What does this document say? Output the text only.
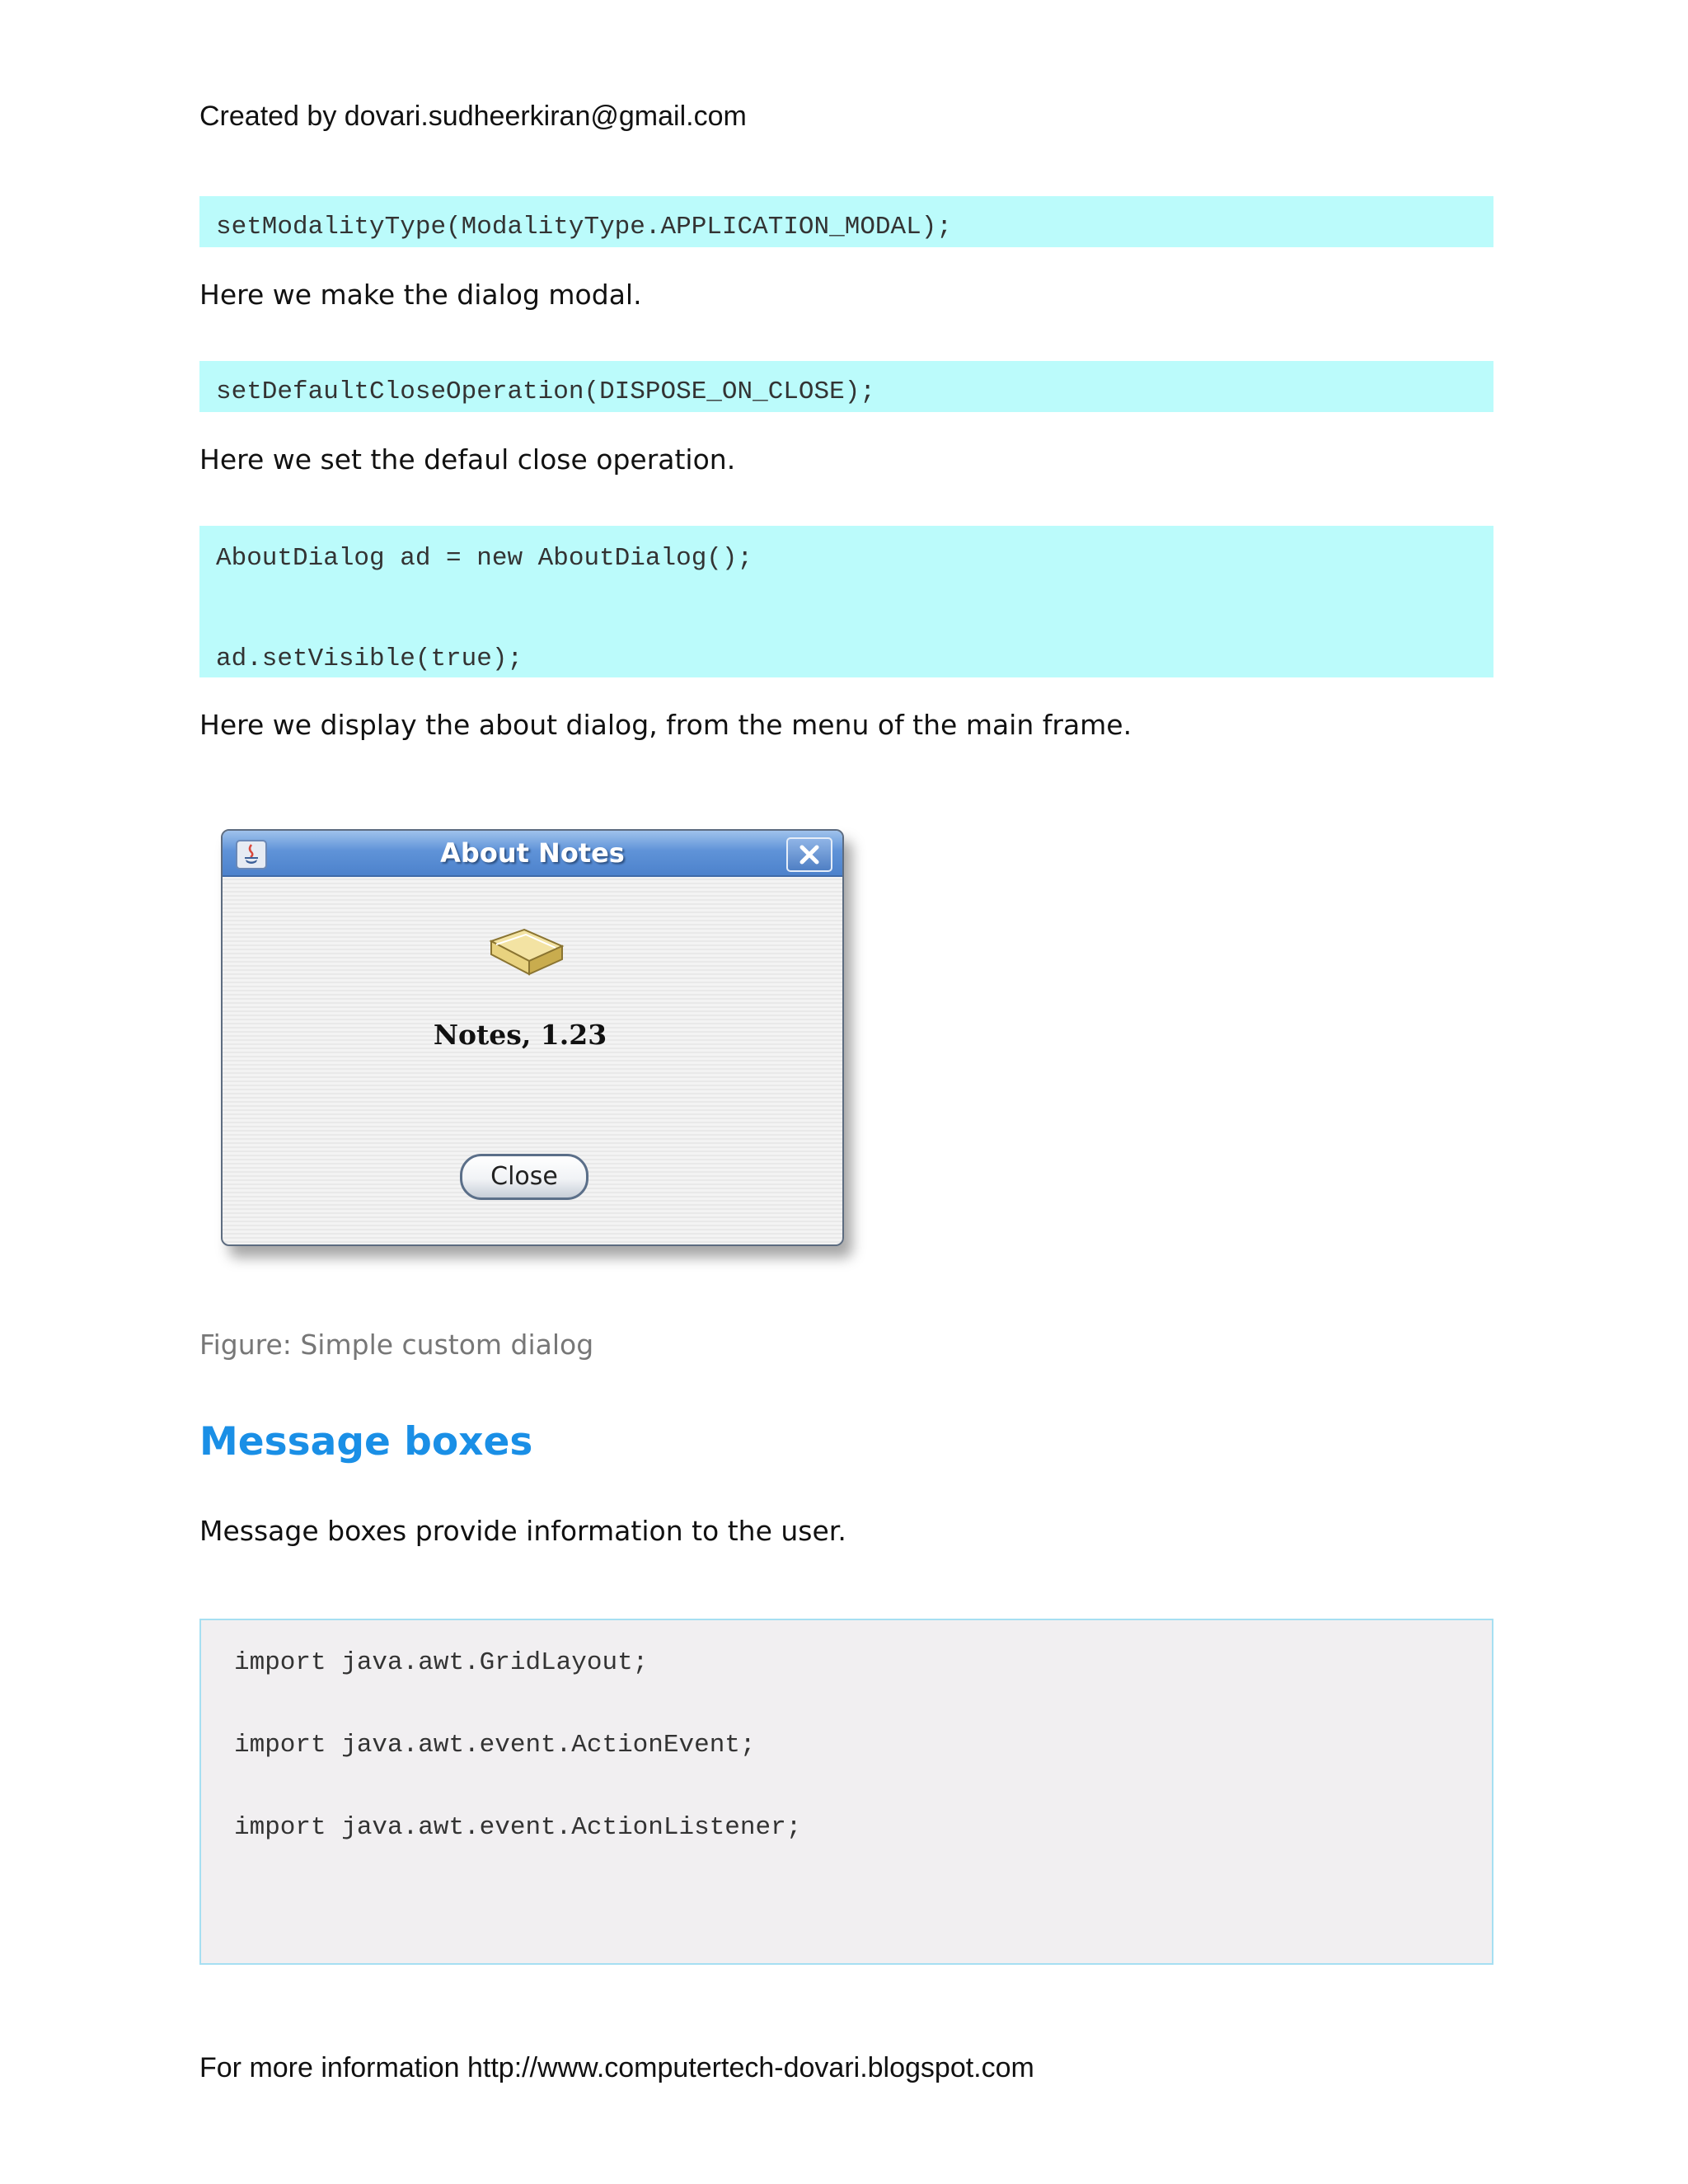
Created by dovari.sudheerkiran@gmail.com
setModalityType(ModalityType.APPLICATION_MODAL);
Here we make the dialog modal.
setDefaultCloseOperation(DISPOSE_ON_CLOSE);
Here we set the defaul close operation.
AboutDialog ad = new AboutDialog();
ad.setVisible(true);
Here we display the about dialog, from the menu of the main frame.
About Notes
Notes, 1.23
Close
Figure: Simple custom dialog
Message boxes
Message boxes provide information to the user.
import java.awt.GridLayout;
import java.awt.event.ActionEvent;
import java.awt.event.ActionListener;
For more information http://www.computertech-dovari.blogspot.com
